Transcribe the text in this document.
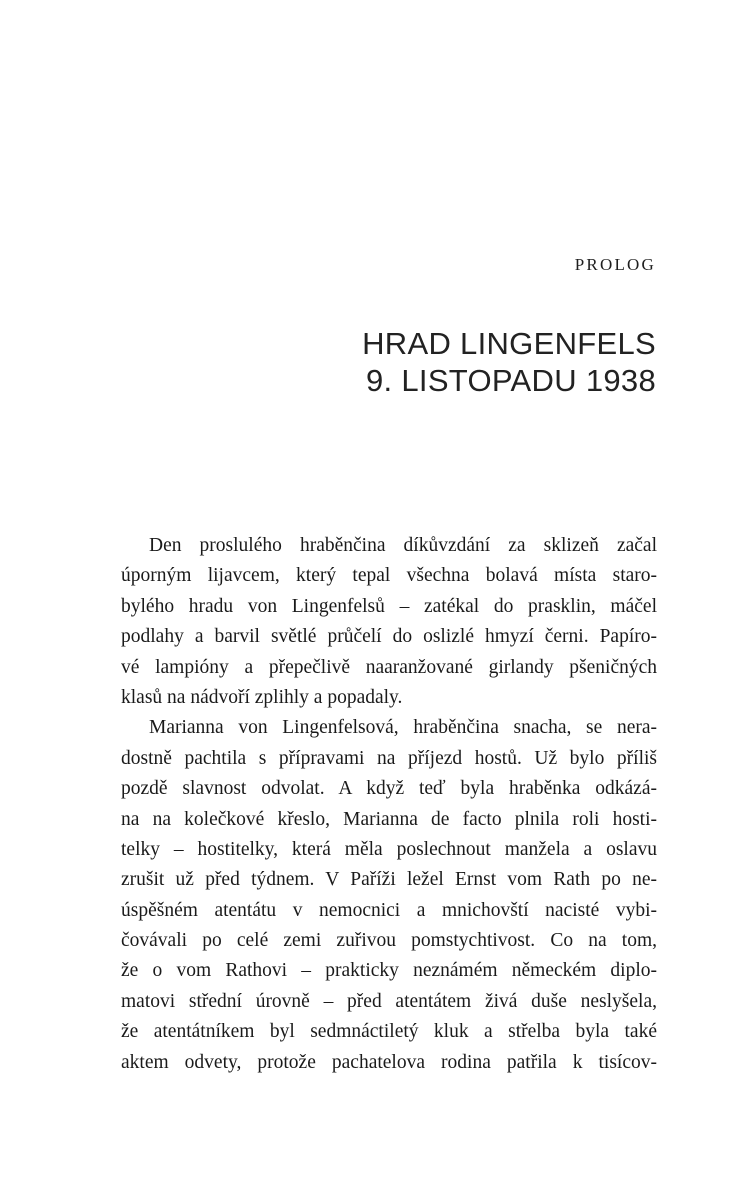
PROLOG
HRAD LINGENFELS
9. LISTOPADU 1938
Den proslulého hraběnčina díkůvzdání za sklizeň začal
úporným lijavcem, který tepal všechna bolavá místa staro-
bylého hradu von Lingenfelsů – zatékal do prasklin, máčel
podlahy a barvil světlé průčelí do oslizlé hmyzí černi. Papíro-
vé lampióny a přepečlivě naaranžované girlandy pšeničných
klasů na nádvoří zplihly a popadaly.
Marianna von Lingenfelsová, hraběnčina snacha, se nera-
dostně pachtila s přípravami na příjezd hostů. Už bylo příliš
pozdě slavnost odvolat. A když teď byla hraběnka odkázá-
na na kolečkové křeslo, Marianna de facto plnila roli hosti-
telky – hostitelky, která měla poslechnout manžela a oslavu
zrušit už před týdnem. V Paříži ležel Ernst vom Rath po ne-
úspěšném atentátu v nemocnici a mnichovští nacisté vybi-
čovávali po celé zemi zuřivou pomstychtivost. Co na tom,
že o vom Rathovi – prakticky neznámém německém diplo-
matovi střední úrovně – před atentátem živá duše neslyšela,
že atentátníkem byl sedmnáctiletý kluk a střelba byla také
aktem odvety, protože pachatelova rodina patřila k tisícov-
